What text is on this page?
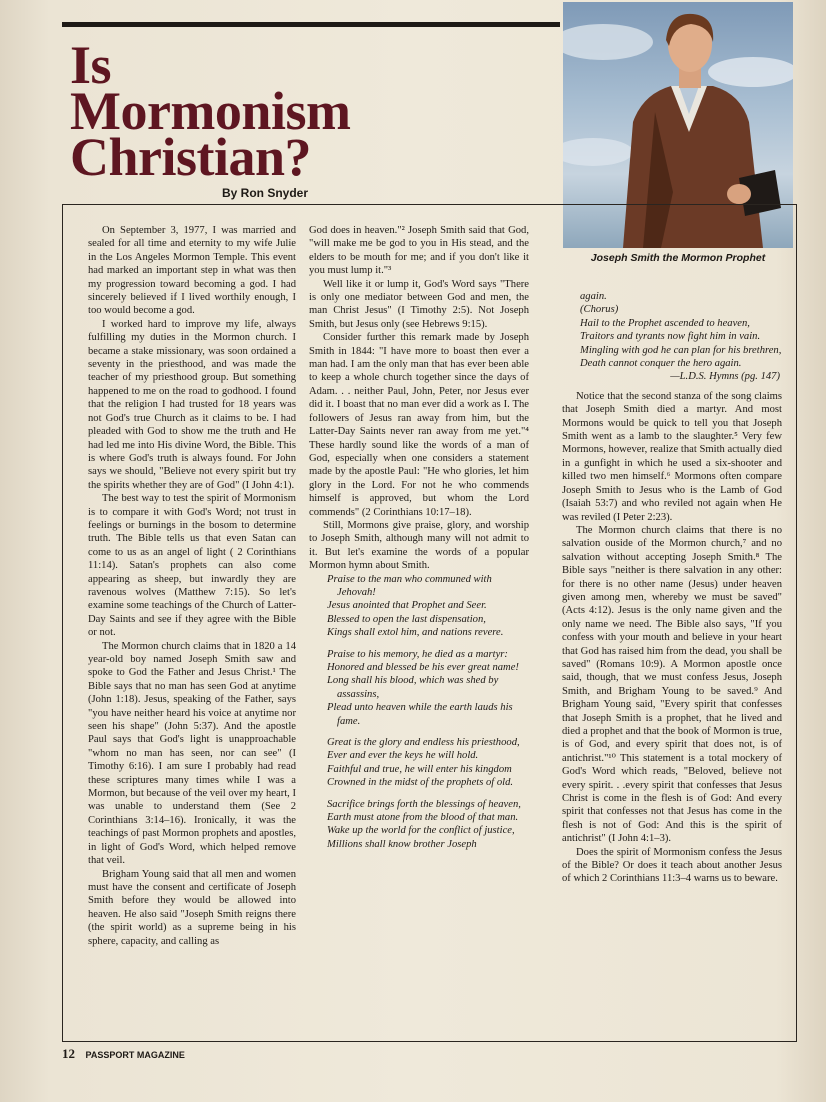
Is
Mormonism
Christian?
By Ron Snyder
Joseph Smith the Mormon Prophet

On September 3, 1977, I was married and sealed for all time and eternity to my wife Julie in the Los Angeles Mormon Temple. This event had marked an important step in what was then my progression toward becoming a god. I had sincerely believed if I lived worthily enough, I too would become a god.

I worked hard to improve my life, always fulfilling my duties in the Mormon church. I became a stake missionary, was soon ordained a seventy in the priesthood, and was made the teacher of my priesthood group. But something happened to me on the road to godhood. I found that the religion I had trusted for 18 years was not God's true Church as it claims to be. I had pleaded with God to show me the truth and He had led me into His divine Word, the Bible. This is where God's truth is always found. For John says we should, "Believe not every spirit but try the spirits whether they are of God" (I John 4:1).

The best way to test the spirit of Mormonism is to compare it with God's Word; not trust in feelings or burnings in the bosom to determine truth. The Bible tells us that even Satan can come to us as an angel of light ( 2 Corinthians 11:14). Satan's prophets can also come appearing as sheep, but inwardly they are ravenous wolves (Matthew 7:15). So let's examine some teachings of the Church of Latter-Day Saints and see if they agree with the Bible or not.

The Mormon church claims that in 1820 a 14 year-old boy named Joseph Smith saw and spoke to God the Father and Jesus Christ.¹ The Bible says that no man has seen God at anytime (John 1:18). Jesus, speaking of the Father, says "you have neither heard his voice at anytime nor seen his shape" (John 5:37). And the apostle Paul says that God's light is unapproachable "whom no man has seen, nor can see" (I Timothy 6:16). I am sure I probably had read these scriptures many times while I was a Mormon, but because of the veil over my heart, I was unable to understand them (See 2 Corinthians 3:14–16). Ironically, it was the teachings of past Mormon prophets and apostles, in light of God's Word, which helped remove that veil.

Brigham Young said that all men and women must have the consent and certificate of Joseph Smith before they would be allowed into heaven. He also said "Joseph Smith reigns there (the spirit world) as a supreme being in his sphere, capacity, and calling as

God does in heaven."² Joseph Smith said that God, "will make me be god to you in His stead, and the elders to be mouth for me; and if you don't like it you must lump it."³

Well like it or lump it, God's Word says "There is only one mediator between God and men, the man Christ Jesus" (I Timothy 2:5). Not Joseph Smith, but Jesus only (see Hebrews 9:15).

Consider further this remark made by Joseph Smith in 1844: "I have more to boast then ever a man had. I am the only man that has ever been able to keep a whole church together since the days of Adam. . . neither Paul, John, Peter, nor Jesus ever did it. I boast that no man ever did a work as I. The followers of Jesus ran away from him, but the Latter-Day Saints never ran away from me yet."⁴ These hardly sound like the words of a man of God, especially when one considers a statement made by the apostle Paul: "He who glories, let him glory in the Lord. For not he who commends himself is approved, but whom the Lord commends" (2 Corinthians 10:17–18).

Still, Mormons give praise, glory, and worship to Joseph Smith, although many will not admit to it. But let's examine the words of a popular Mormon hymn about Smith.

Praise to the man who communed with Jehovah!
Jesus anointed that Prophet and Seer.
Blessed to open the last dispensation,
Kings shall extol him, and nations revere.
Praise to his memory, he died as a martyr:
Honored and blessed be his ever great name!
Long shall his blood, which was shed by assassins,
Plead unto heaven while the earth lauds his fame.
Great is the glory and endless his priesthood,
Ever and ever the keys he will hold.
Faithful and true, he will enter his kingdom
Crowned in the midst of the prophets of old.
Sacrifice brings forth the blessings of heaven,
Earth must atone from the blood of that man.
Wake up the world for the conflict of justice,
Millions shall know brother Joseph
again.
(Chorus)
Hail to the Prophet ascended to heaven,
Traitors and tyrants now fight him in vain.
Mingling with god he can plan for his brethren,
Death cannot conquer the hero again.
—L.D.S. Hymns (pg. 147)

Notice that the second stanza of the song claims that Joseph Smith died a martyr. And most Mormons would be quick to tell you that Joseph Smith went as a lamb to the slaughter.⁵ Very few Mormons, however, realize that Smith actually died in a gunfight in which he used a six-shooter and killed two men himself.⁶ Mormons often compare Joseph Smith to Jesus who is the Lamb of God (Isaiah 53:7) and who reviled not again when He was reviled (I Peter 2:23).

The Mormon church claims that there is no salvation ouside of the Mormon church,⁷ and no salvation without accepting Joseph Smith.⁸ The Bible says "neither is there salvation in any other: for there is no other name (Jesus) under heaven given among men, whereby we must be saved" (Acts 4:12). Jesus is the only name given and the only name we need. The Bible also says, "If you confess with your mouth and believe in your heart that God has raised him from the dead, you shall be saved" (Romans 10:9). A Mormon apostle once said, though, that we must confess Jesus, Joseph Smith, and Brigham Young to be saved.⁹ And Brigham Young said, "Every spirit that confesses that Joseph Smith is a prophet, that he lived and died a prophet and that the book of Mormon is true, is of God, and every spirit that does not, is of antichrist."¹⁰ This statement is a total mockery of God's Word which reads, "Beloved, believe not every spirit. . .every spirit that confesses that Jesus Christ is come in the flesh is of God: And every spirit that confesses not that Jesus has come in the flesh is not of God: And this is the spirit of antichrist" (I John 4:1–3).

Does the spirit of Mormonism confess the Jesus of the Bible? Or does it teach about another Jesus of which 2 Corinthians 11:3–4 warns us to beware.

12 PASSPORT MAGAZINE
